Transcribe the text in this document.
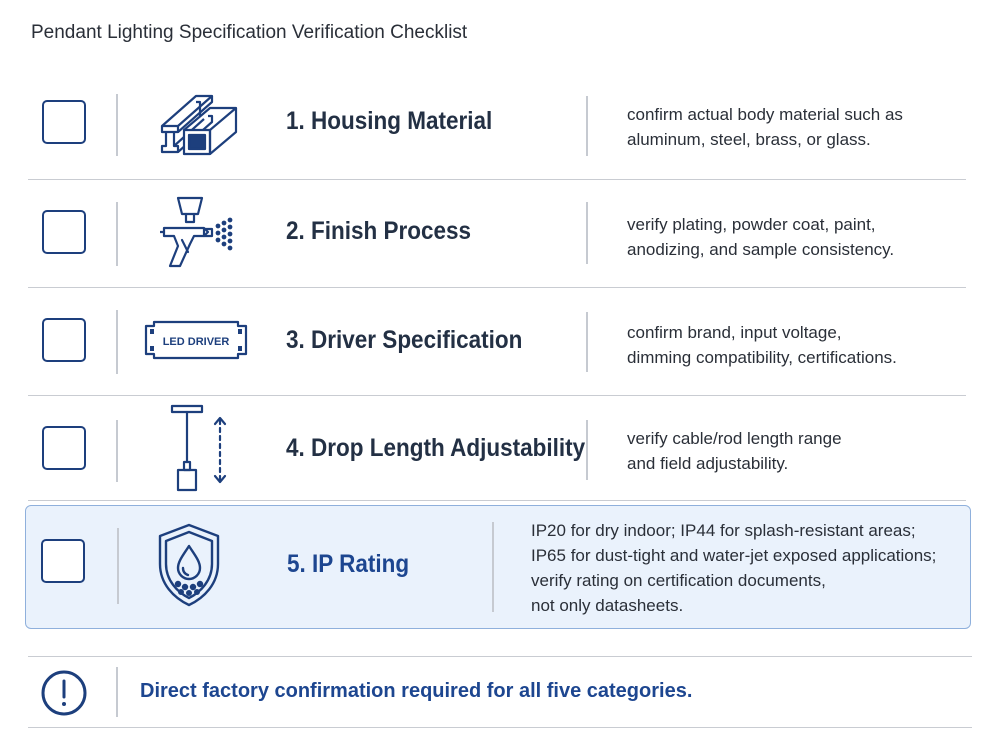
Pendant Lighting Specification Verification Checklist
1. Housing Material	confirm actual body material such as
aluminum, steel, brass, or glass.
2. Finish Process	verify plating, powder coat, paint,
anodizing, and sample consistency.
LED DRIVER 3. Driver Specification	confirm brand, input voltage,
dimming compatibility, certifications.
4. Drop Length Adjustability verify cable/rod length range
and field adjustability.
5. IP Rating
IP20 for dry indoor; IP44 for splash-resistant areas;
IP65 for dust-tight and water-jet exposed applications;
verify rating on certification documents,
not only datasheets.
Direct factory confirmation required for all five categories.
